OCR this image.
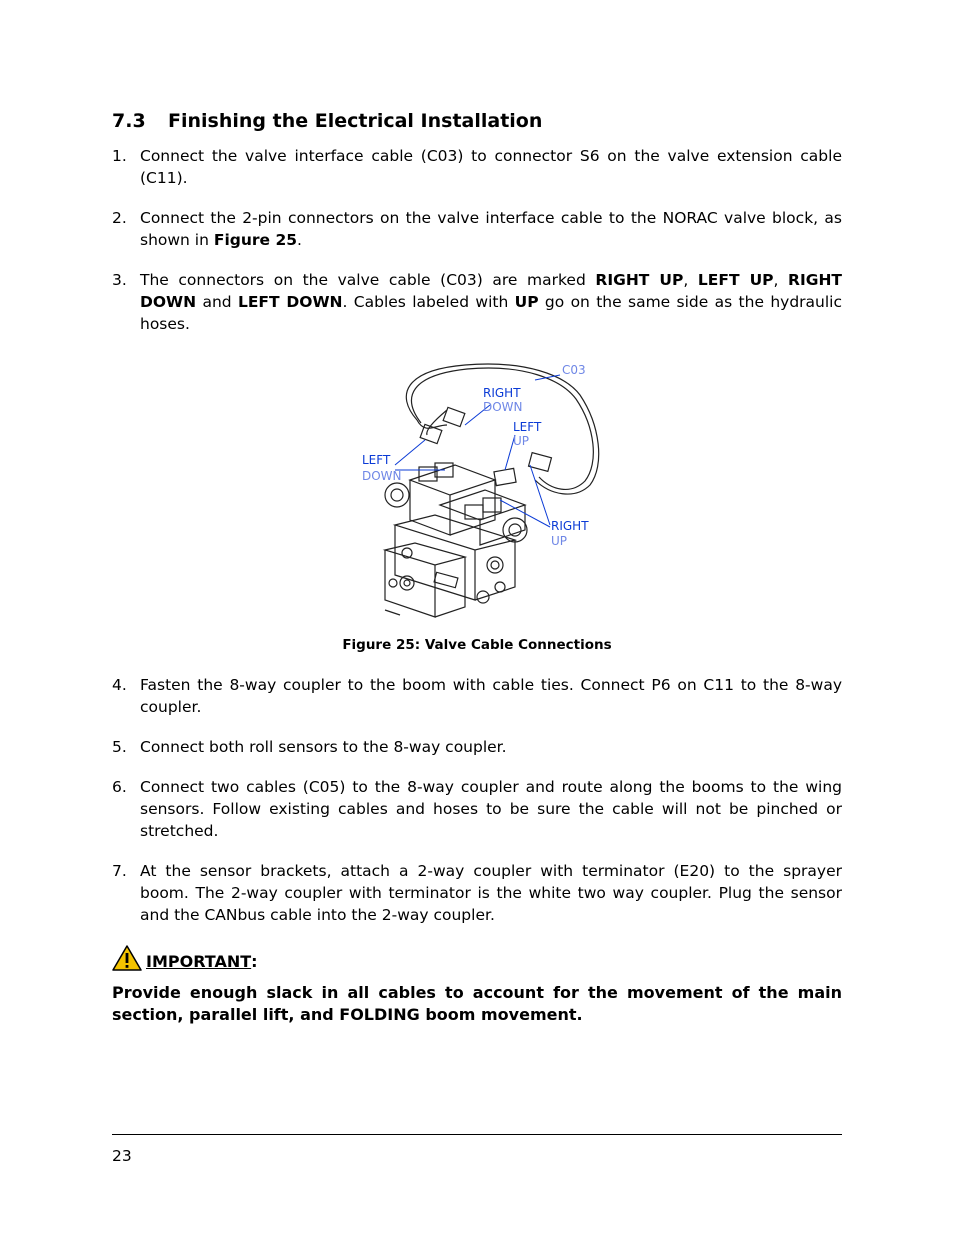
7.3 Finishing the Electrical Installation
1. Connect the valve interface cable (C03) to connector S6 on the valve extension cable (C11).
2. Connect the 2-pin connectors on the valve interface cable to the NORAC valve block, as shown in Figure 25.
3. The connectors on the valve cable (C03) are marked RIGHT UP, LEFT UP, RIGHT DOWN and LEFT DOWN. Cables labeled with UP go on the same side as the hydraulic hoses.
C03
RIGHT
DOWN
LEFT
UP
LEFT
DOWN
RIGHT
UP
Figure 25: Valve Cable Connections
4. Fasten the 8-way coupler to the boom with cable ties. Connect P6 on C11 to the 8-way coupler.
5. Connect both roll sensors to the 8-way coupler.
6. Connect two cables (C05) to the 8-way coupler and route along the booms to the wing sensors. Follow existing cables and hoses to be sure the cable will not be pinched or stretched.
7. At the sensor brackets, attach a 2-way coupler with terminator (E20) to the sprayer boom. The 2-way coupler with terminator is the white two way coupler. Plug the sensor and the CANbus cable into the 2-way coupler.
IMPORTANT :
Provide enough slack in all cables to account for the movement of the main section, parallel lift, and FOLDING boom movement.
23
